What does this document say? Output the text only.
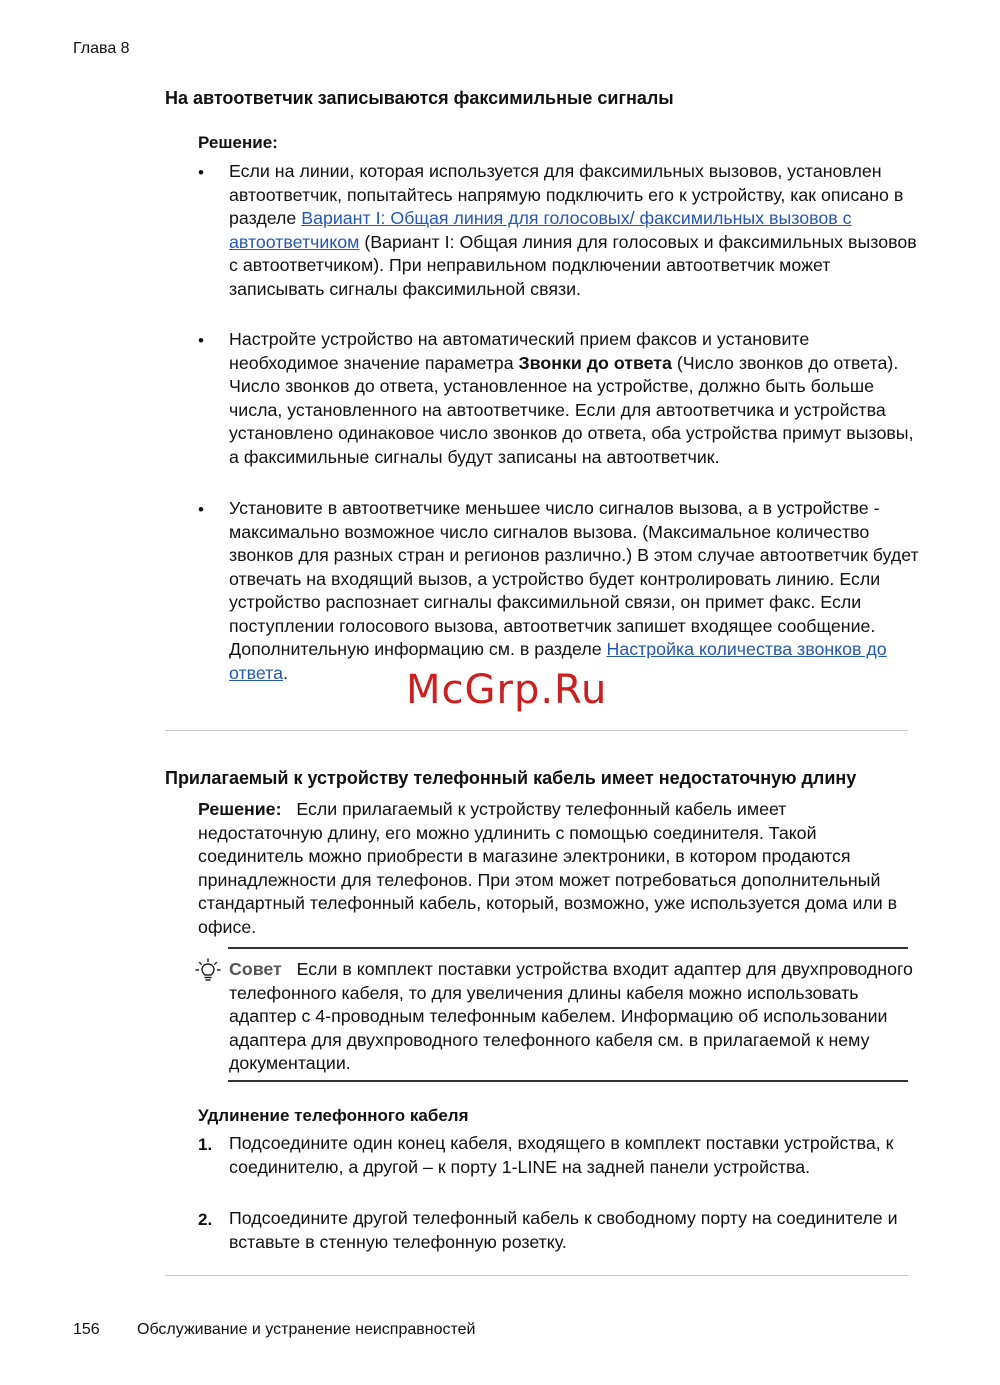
Глава 8
На автоответчик записываются факсимильные сигналы
Решение:
• Если на линии, которая используется для факсимильных вызовов, установлен автоответчик, попытайтесь напрямую подключить его к устройству, как описано в разделе Вариант I: Общая линия для голосовых/ факсимильных вызовов с автоответчиком (Вариант I: Общая линия для голосовых и факсимильных вызовов с автоответчиком). При неправильном подключении автоответчик может записывать сигналы факсимильной связи.

• Настройте устройство на автоматический прием факсов и установите необходимое значение параметра Звонки до ответа (Число звонков до ответа). Число звонков до ответа, установленное на устройстве, должно быть больше числа, установленного на автоответчике. Если для автоответчика и устройства установлено одинаковое число звонков до ответа, оба устройства примут вызовы, а факсимильные сигналы будут записаны на автоответчик.

• Установите в автоответчике меньшее число сигналов вызова, а в устройстве - максимально возможное число сигналов вызова. (Максимальное количество звонков для разных стран и регионов различно.) В этом случае автоответчик будет отвечать на входящий вызов, а устройство будет контролировать линию. Если устройство распознает сигналы факсимильной связи, он примет факс. Если поступлении голосового вызова, автоответчик запишет входящее сообщение. Дополнительную информацию см. в разделе Настройка количества звонков до ответа.	McGrp.Ru
Прилагаемый к устройству телефонный кабель имеет недостаточную длину

Решение: Если прилагаемый к устройству телефонный кабель имеет недостаточную длину, его можно удлинить с помощью соединителя. Такой соединитель можно приобрести в магазине электроники, в котором продаются принадлежности для телефонов. При этом может потребоваться дополнительный стандартный телефонный кабель, который, возможно, уже используется дома или в офисе.

Совет Если в комплект поставки устройства входит адаптер для двухпроводного телефонного кабеля, то для увеличения длины кабеля можно использовать адаптер с 4-проводным телефонным кабелем. Информацию об использовании адаптера для двухпроводного телефонного кабеля см. в прилагаемой к нему документации.

Удлинение телефонного кабеля
1. Подсоедините один конец кабеля, входящего в комплект поставки устройства, к соединителю, а другой – к порту 1-LINE на задней панели устройства.

2. Подсоедините другой телефонный кабель к свободному порту на соединителе и вставьте в стенную телефонную розетку.

156 Обслуживание и устранение неисправностей
